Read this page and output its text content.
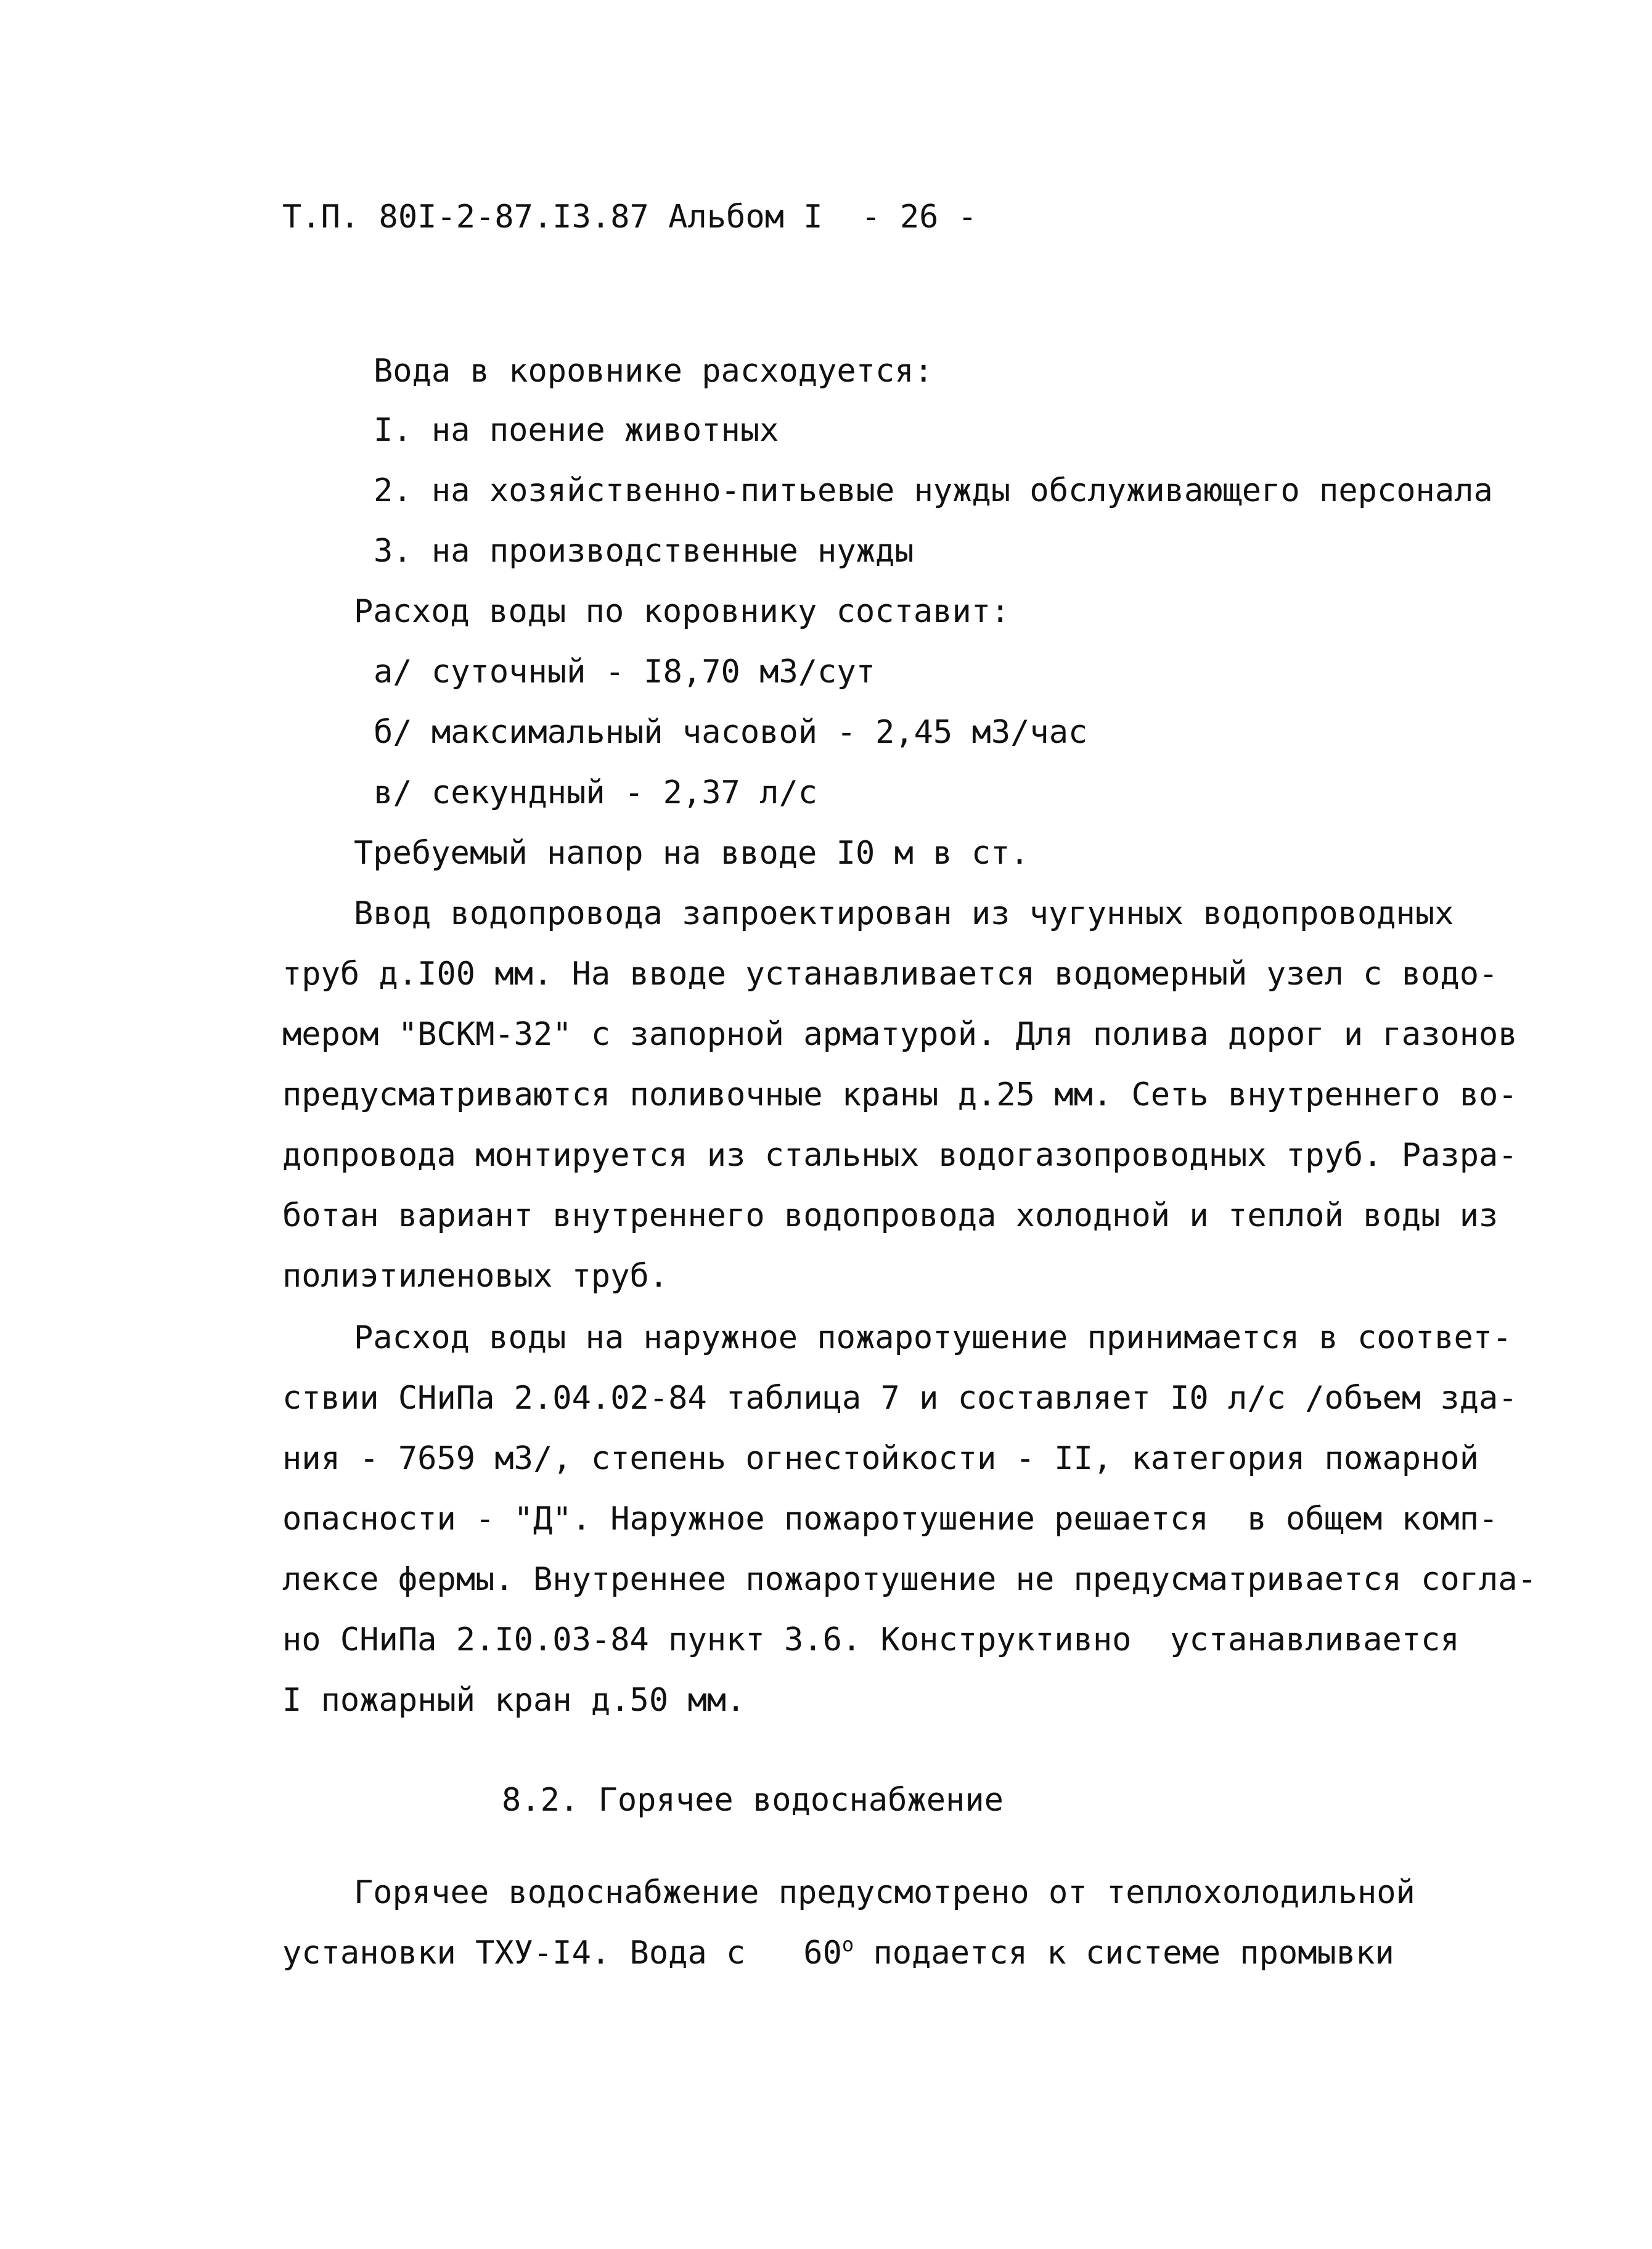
Т.П. 80I-2-87.I3.87 Альбом I  - 26 -
Вода в коровнике расходуется:
I. на поение животных
2. на хозяйственно-питьевые нужды обслуживающего персонала
3. на производственные нужды
Расход воды по коровнику составит:
а/ суточный - I8,70 м3/сут
б/ максимальный часовой - 2,45 м3/час
в/ секундный - 2,37 л/с
Требуемый напор на вводе I0 м в ст.
Ввод водопровода запроектирован из чугунных водопроводных
труб д.I00 мм. На вводе устанавливается водомерный узел с водо-
мером "ВСКМ-32" с запорной арматурой. Для полива дорог и газонов
предусматриваются поливочные краны д.25 мм. Сеть внутреннего во-
допровода монтируется из стальных водогазопроводных труб. Разра-
ботан вариант внутреннего водопровода холодной и теплой воды из
полиэтиленовых труб.
Расход воды на наружное пожаротушение принимается в соответ-
ствии СНиПа 2.04.02-84 таблица 7 и составляет I0 л/с /объем зда-
ния - 7659 м3/, степень огнестойкости - II, категория пожарной
опасности - "Д". Наружное пожаротушение решается  в общем комп-
лексе фермы. Внутреннее пожаротушение не предусматривается согла-
но СНиПа 2.I0.03-84 пункт 3.6. Конструктивно  устанавливается
I пожарный кран д.50 мм.
8.2. Горячее водоснабжение
Горячее водоснабжение предусмотрено от теплохолодильной
установки ТХУ-I4. Вода с   $60^о$ подается к системе промывки
